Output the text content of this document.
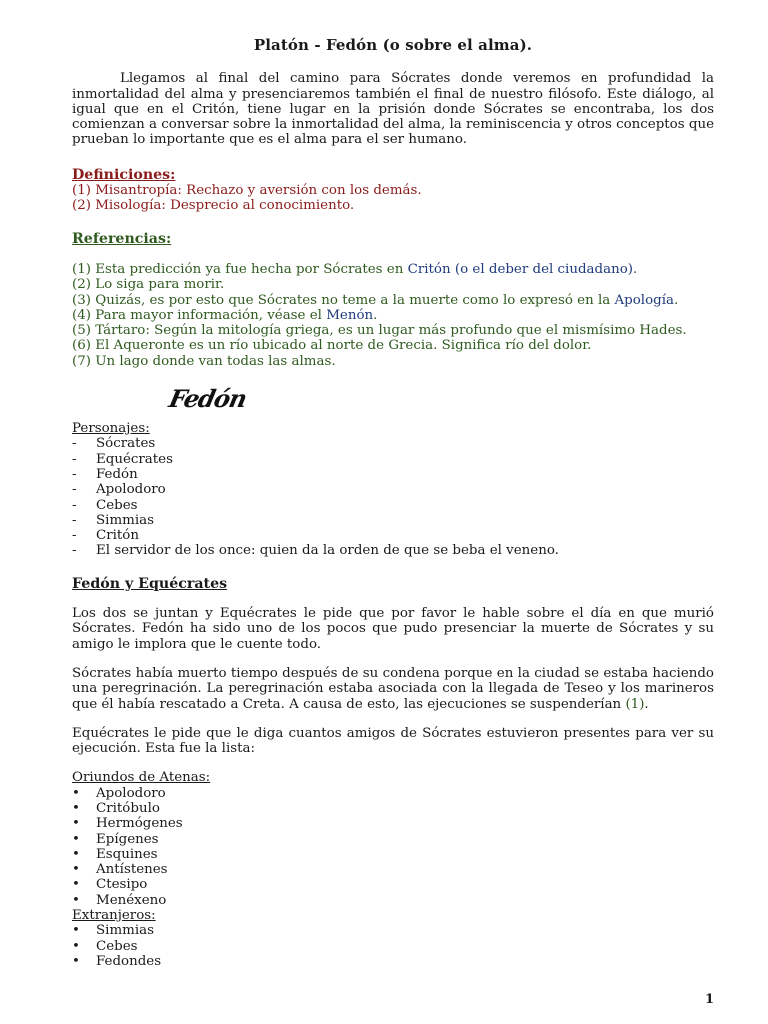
Platón - Fedón (o sobre el alma).

Llegamos al final del camino para Sócrates donde veremos en profundidad la inmortalidad del alma y presenciaremos también el final de nuestro filósofo. Este diálogo, al igual que en el Critón, tiene lugar en la prisión donde Sócrates se encontraba, los dos comienzan a conversar sobre la inmortalidad del alma, la reminiscencia y otros conceptos que prueban lo importante que es el alma para el ser humano.

Definiciones:

(1) Misantropía: Rechazo y aversión con los demás.

(2) Misología: Desprecio al conocimiento.

Referencias:

(1) Esta predicción ya fue hecha por Sócrates en Critón (o el deber del ciudadano).

(2) Lo siga para morir.

(3) Quizás, es por esto que Sócrates no teme a la muerte como lo expresó en la Apología.

(4) Para mayor información, véase el Menón.

(5) Tártaro: Según la mitología griega, es un lugar más profundo que el mismísimo Hades.

(6) El Aqueronte es un río ubicado al norte de Grecia. Significa río del dolor.

(7) Un lago donde van todas las almas.

Fedón

Personajes:

- Sócrates
- Equécrates
- Fedón
- Apolodoro
- Cebes
- Simmias
- Critón
- El servidor de los once: quien da la orden de que se beba el veneno.

Fedón y Equécrates

Los dos se juntan y Equécrates le pide que por favor le hable sobre el día en que murió Sócrates. Fedón ha sido uno de los pocos que pudo presenciar la muerte de Sócrates y su amigo le implora que le cuente todo.

Sócrates había muerto tiempo después de su condena porque en la ciudad se estaba haciendo una peregrinación. La peregrinación estaba asociada con la llegada de Teseo y los marineros que él había rescatado a Creta. A causa de esto, las ejecuciones se suspenderían (1).

Equécrates le pide que le diga cuantos amigos de Sócrates estuvieron presentes para ver su ejecución. Esta fue la lista:

Oriundos de Atenas:

• Apolodoro
• Critóbulo
• Hermógenes
• Epígenes
• Esquines
• Antístenes
• Ctesipo
• Menéxeno

Extranjeros:

• Simmias
• Cebes
• Fedondes
1
